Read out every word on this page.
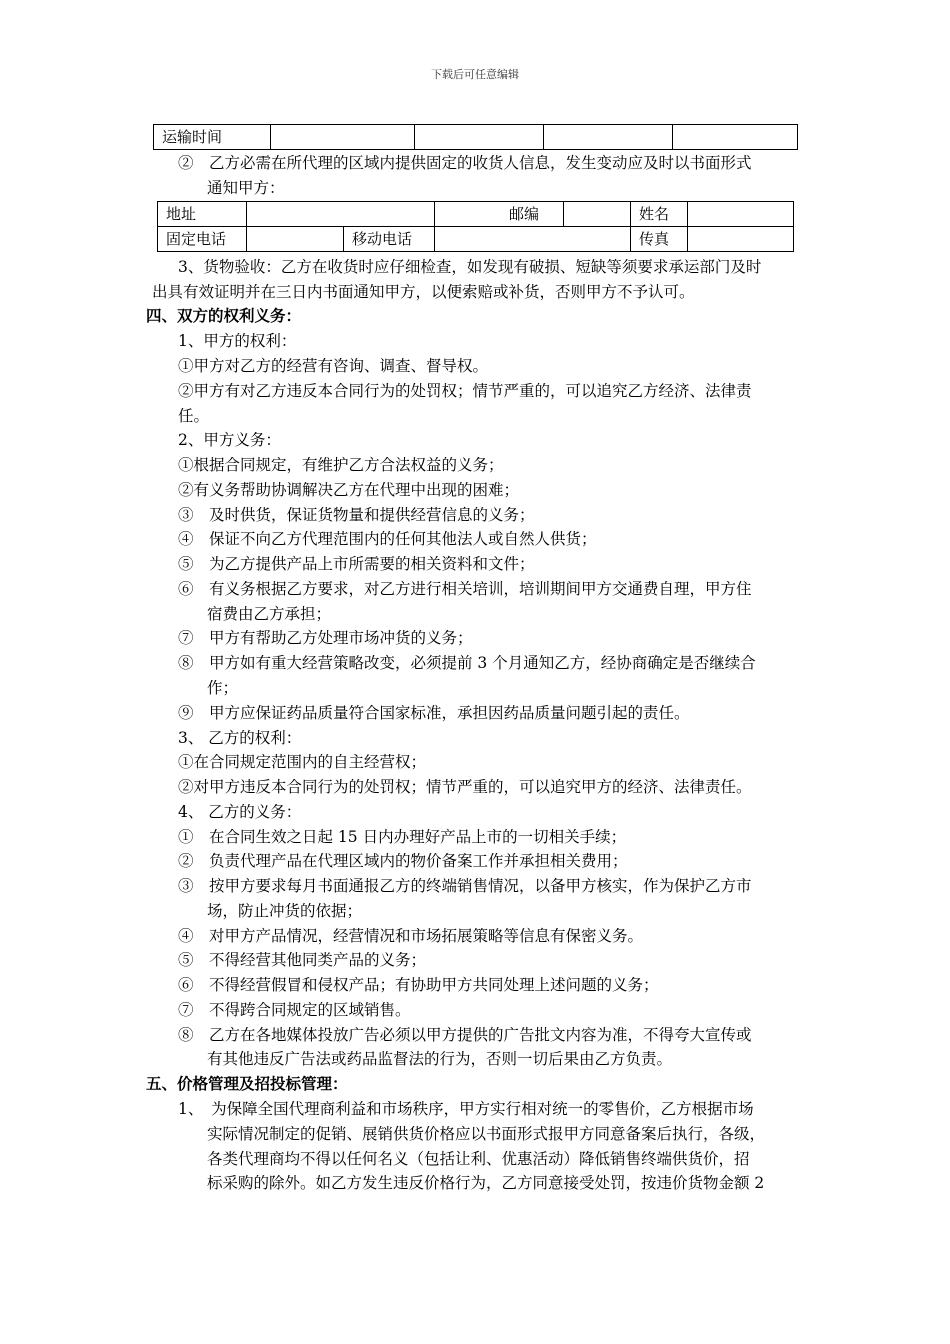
下载后可任意编辑
运输时间				
②　乙方必需在所代理的区域内提供固定的收货人信息，发生变动应及时以书面形式
通知甲方：
地址			邮编		姓名	
固定电话		移动电话			传真	
3、货物验收：乙方在收货时应仔细检查，如发现有破损、短缺等须要求承运部门及时
出具有效证明并在三日内书面通知甲方，以便索赔或补货，否则甲方不予认可。
四、双方的权利义务：
1、甲方的权利：
①甲方对乙方的经营有咨询、调查、督导权。
②甲方有对乙方违反本合同行为的处罚权；情节严重的，可以追究乙方经济、法律责
任。
2、甲方义务：
①根据合同规定，有维护乙方合法权益的义务；
②有义务帮助协调解决乙方在代理中出现的困难；
③　及时供货，保证货物量和提供经营信息的义务；
④　保证不向乙方代理范围内的任何其他法人或自然人供货；
⑤　为乙方提供产品上市所需要的相关资料和文件；
⑥　有义务根据乙方要求，对乙方进行相关培训，培训期间甲方交通费自理，甲方住
宿费由乙方承担；
⑦　甲方有帮助乙方处理市场冲货的义务；
⑧　甲方如有重大经营策略改变，必须提前 3 个月通知乙方，经协商确定是否继续合
作；
⑨　甲方应保证药品质量符合国家标准，承担因药品质量问题引起的责任。
3、 乙方的权利：
①在合同规定范围内的自主经营权；
②对甲方违反本合同行为的处罚权；情节严重的，可以追究甲方的经济、法律责任。
4、 乙方的义务：
①　在合同生效之日起 15 日内办理好产品上市的一切相关手续；
②　负责代理产品在代理区域内的物价备案工作并承担相关费用；
③　按甲方要求每月书面通报乙方的终端销售情况，以备甲方核实，作为保护乙方市
场，防止冲货的依据；
④　对甲方产品情况，经营情况和市场拓展策略等信息有保密义务。
⑤　不得经营其他同类产品的义务；
⑥　不得经营假冒和侵权产品；有协助甲方共同处理上述问题的义务；
⑦　不得跨合同规定的区域销售。
⑧　乙方在各地媒体投放广告必须以甲方提供的广告批文内容为准，不得夸大宣传或
有其他违反广告法或药品监督法的行为，否则一切后果由乙方负责。
五、价格管理及招投标管理：
1、　为保障全国代理商利益和市场秩序，甲方实行相对统一的零售价，乙方根据市场
实际情况制定的促销、展销供货价格应以书面形式报甲方同意备案后执行，各级，
各类代理商均不得以任何名义（包括让利、优惠活动）降低销售终端供货价，招
标采购的除外。如乙方发生违反价格行为，乙方同意接受处罚，按违价货物金额 2
